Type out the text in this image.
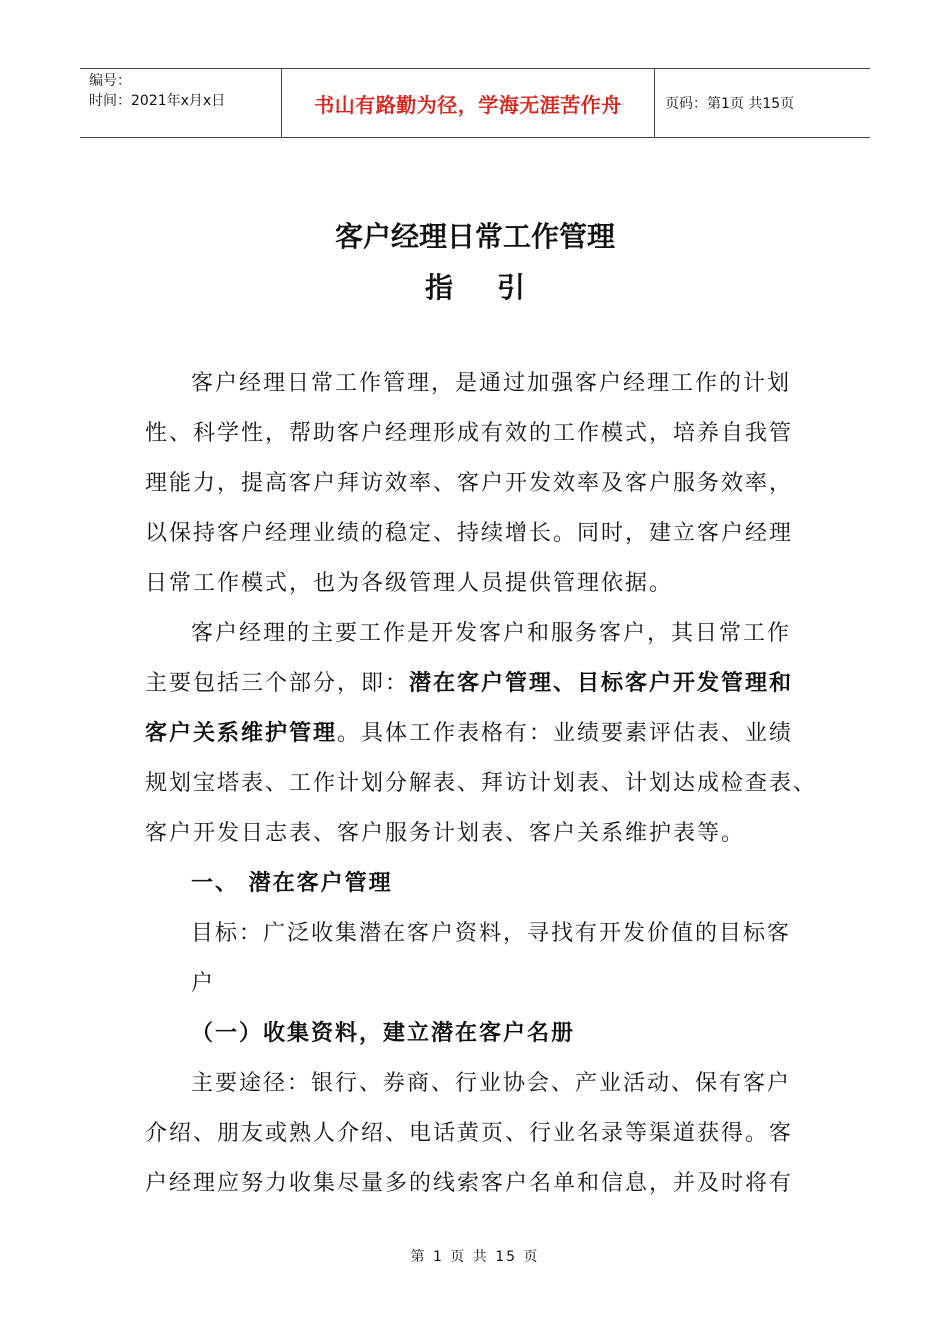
编号：
时间：2021年x月x日	书山有路勤为径，学海无涯苦作舟	页码：第1页 共15页
客户经理日常工作管理
指引
客户经理日常工作管理，是通过加强客户经理工作的计划
性、科学性，帮助客户经理形成有效的工作模式，培养自我管
理能力，提高客户拜访效率、客户开发效率及客户服务效率，
以保持客户经理业绩的稳定、持续增长。同时，建立客户经理
日常工作模式，也为各级管理人员提供管理依据。
客户经理的主要工作是开发客户和服务客户，其日常工作
主要包括三个部分，即：潜在客户管理、目标客户开发管理和
客户关系维护管理。具体工作表格有：业绩要素评估表、业绩
规划宝塔表、工作计划分解表、拜访计划表、计划达成检查表、
客户开发日志表、客户服务计划表、客户关系维护表等。
一、 潜在客户管理
目标：广泛收集潜在客户资料，寻找有开发价值的目标客
户
（一）收集资料，建立潜在客户名册
主要途径：银行、券商、行业协会、产业活动、保有客户
介绍、朋友或熟人介绍、电话黄页、行业名录等渠道获得。客
户经理应努力收集尽量多的线索客户名单和信息，并及时将有
第 1 页 共 15 页
